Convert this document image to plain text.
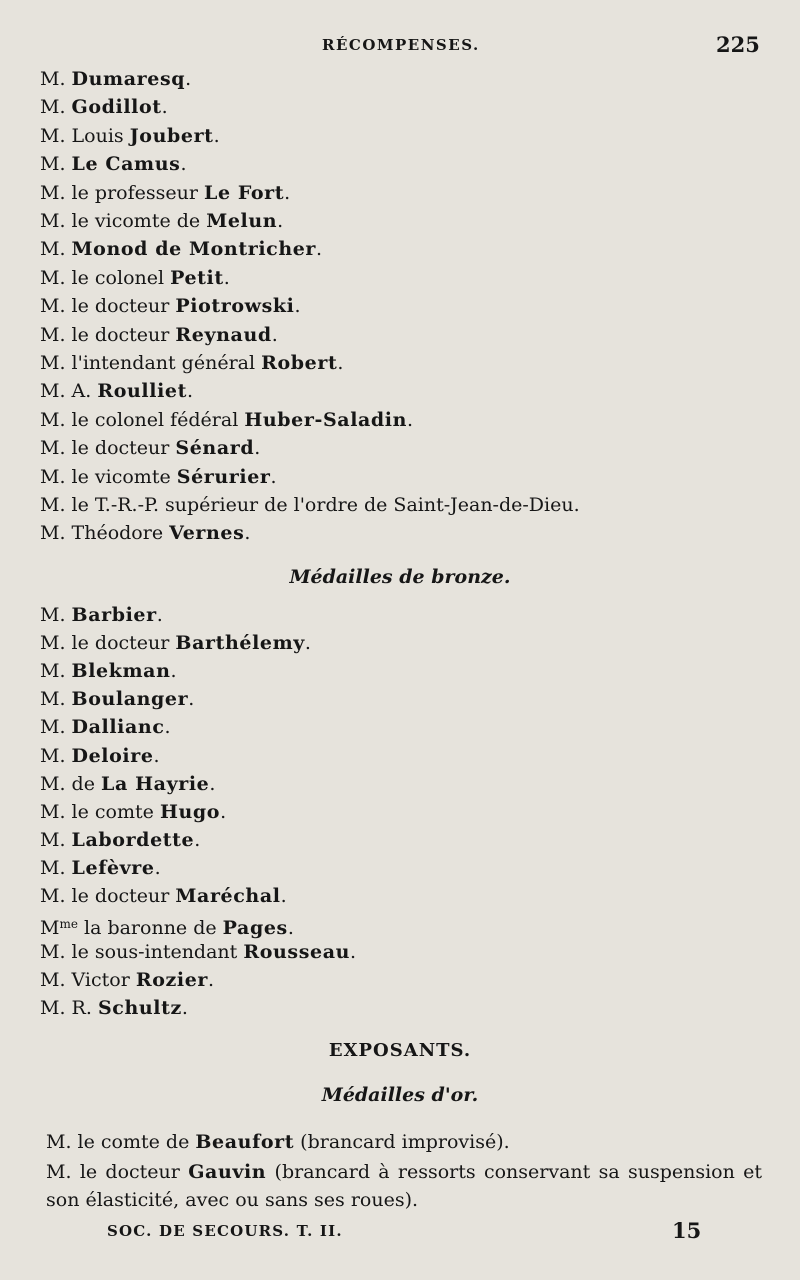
RÉCOMPENSES.	225
M. Dumaresq.
M. Godillot.
M. Louis Joubert.
M. Le Camus.
M. le professeur Le Fort.
M. le vicomte de Melun.
M. Monod de Montricher.
M. le colonel Petit.
M. le docteur Piotrowski.
M. le docteur Reynaud.
M. l'intendant général Robert.
M. A. Roulliet.
M. le colonel fédéral Huber-Saladin.
M. le docteur Sénard.
M. le vicomte Sérurier.
M. le T.-R.-P. supérieur de l'ordre de Saint-Jean-de-Dieu.
M. Théodore Vernes.
Médailles de bronze.
M. Barbier.
M. le docteur Barthélemy.
M. Blekman.
M. Boulanger.
M. Dallianc.
M. Deloire.
M. de La Hayrie.
M. le comte Hugo.
M. Labordette.
M. Lefèvre.
M. le docteur Maréchal.
$M^{me}$ la baronne de Pages.
M. le sous-intendant Rousseau.
M. Victor Rozier.
M. R. Schultz.
EXPOSANTS.
Médailles d'or.
M. le comte de Beaufort (brancard improvisé).
M. le docteur Gauvin (brancard à ressorts conservant sa suspension et son élasticité, avec ou sans ses roues).
SOC. DE SECOURS. T. II.	15
